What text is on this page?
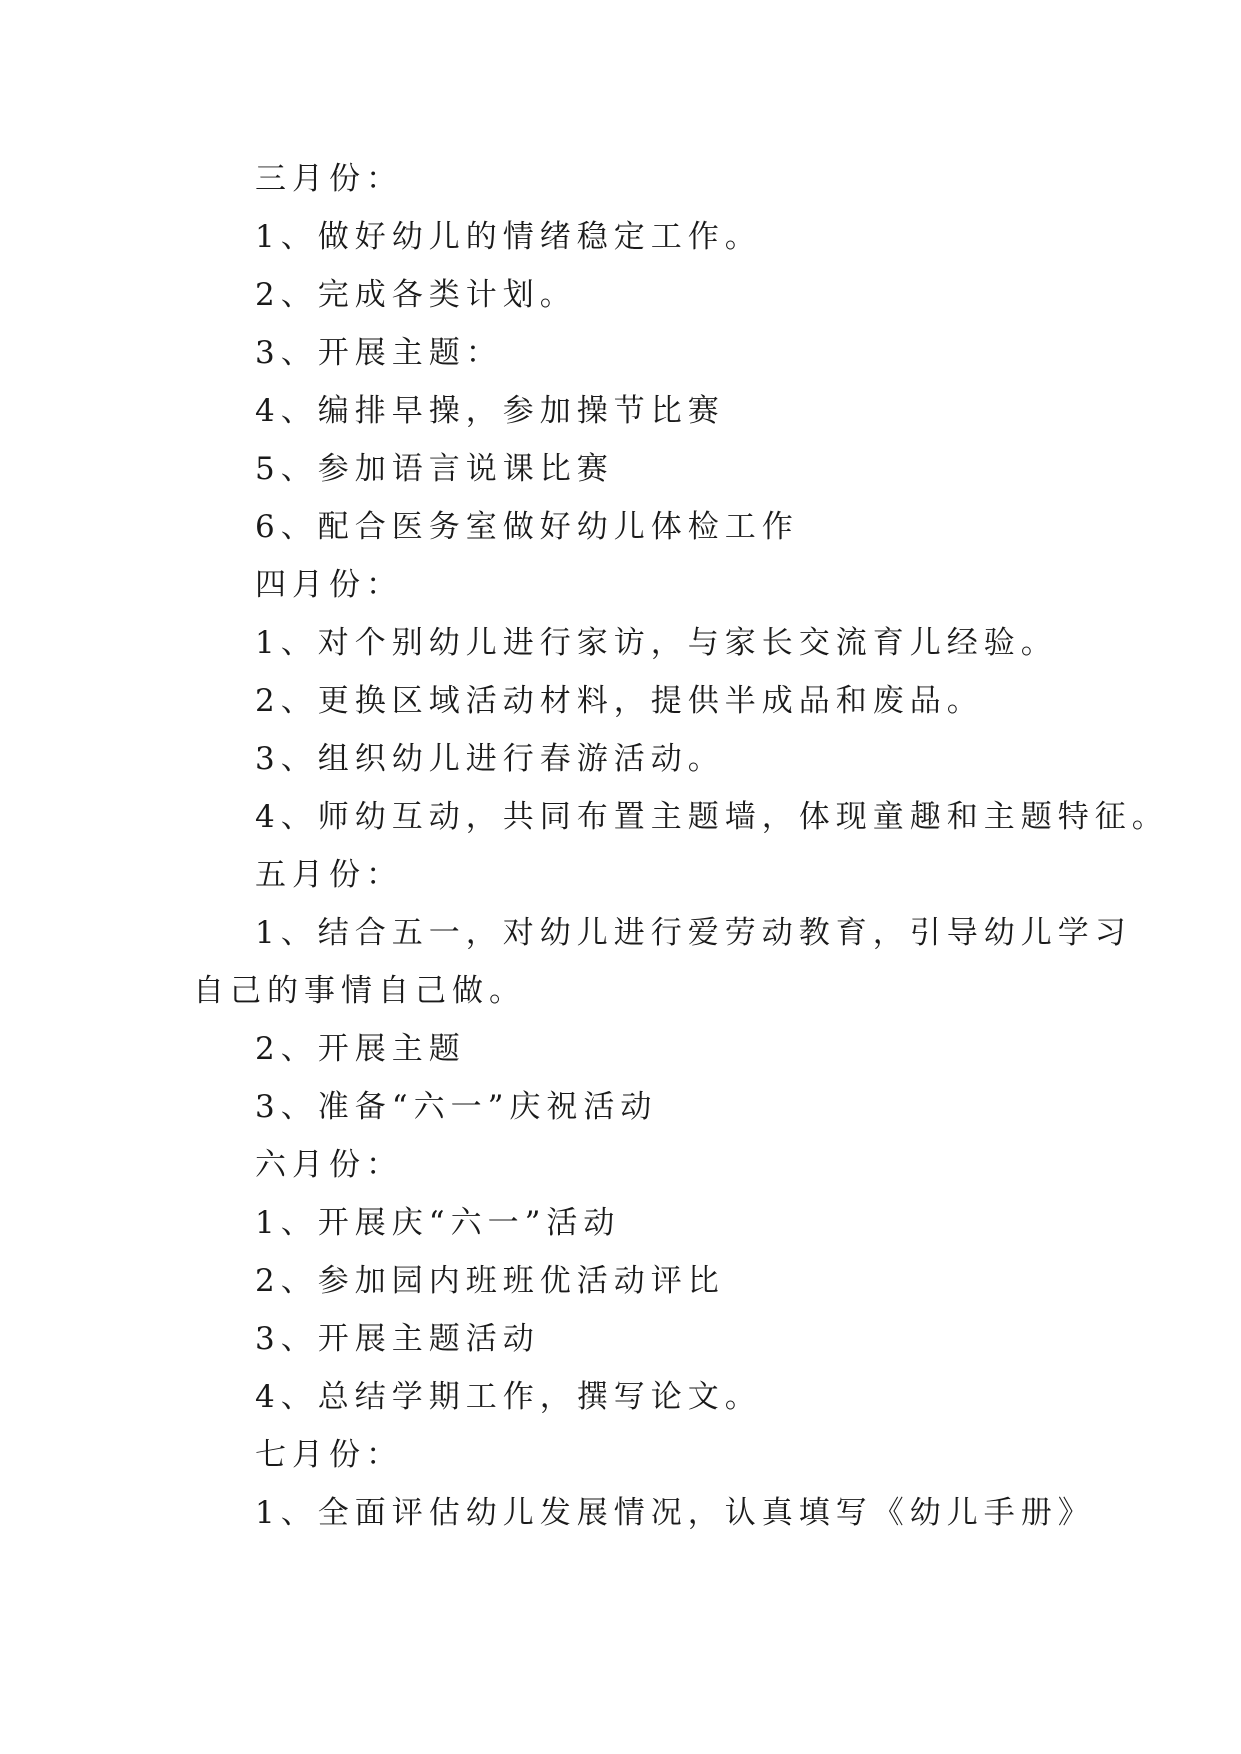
三月份：
1、做好幼儿的情绪稳定工作。
2、完成各类计划。
3、开展主题：
4、编排早操，参加操节比赛
5、参加语言说课比赛
6、配合医务室做好幼儿体检工作
四月份：
1、对个别幼儿进行家访，与家长交流育儿经验。
2、更换区域活动材料，提供半成品和废品。
3、组织幼儿进行春游活动。
4、师幼互动，共同布置主题墙，体现童趣和主题特征。
五月份：
1、结合五一，对幼儿进行爱劳动教育，引导幼儿学习
自己的事情自己做。
2、开展主题
3、准备“六一”庆祝活动
六月份：
1、开展庆“六一”活动
2、参加园内班班优活动评比
3、开展主题活动
4、总结学期工作，撰写论文。
七月份：
1、全面评估幼儿发展情况，认真填写《幼儿手册》
